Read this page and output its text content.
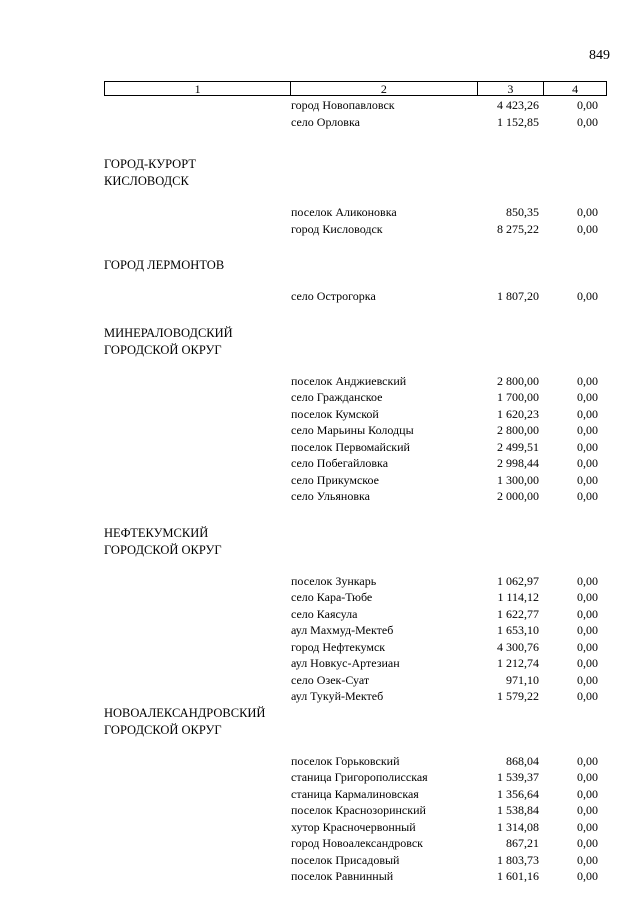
849
1	2	3	4
город Новопавловск	4 423,26	0,00
село Орловка	1 152,85	0,00
ГОРОД-КУРОРТ
КИСЛОВОДСК
поселок Аликоновка	850,35	0,00
город Кисловодск	8 275,22	0,00
ГОРОД ЛЕРМОНТОВ
село Острогорка	1 807,20	0,00
МИНЕРАЛОВОДСКИЙ
ГОРОДСКОЙ ОКРУГ
поселок Анджиевский	2 800,00	0,00
село Гражданское	1 700,00	0,00
поселок Кумской	1 620,23	0,00
село Марьины Колодцы	2 800,00	0,00
поселок Первомайский	2 499,51	0,00
село Побегайловка	2 998,44	0,00
село Прикумское	1 300,00	0,00
село Ульяновка	2 000,00	0,00
НЕФТЕКУМСКИЙ
ГОРОДСКОЙ ОКРУГ
поселок Зункарь	1 062,97	0,00
село Кара-Тюбе	1 114,12	0,00
село Каясула	1 622,77	0,00
аул Махмуд-Мектеб	1 653,10	0,00
город Нефтекумск	4 300,76	0,00
аул Новкус-Артезиан	1 212,74	0,00
село Озек-Суат	971,10	0,00
аул Тукуй-Мектеб	1 579,22	0,00
НОВОАЛЕКСАНДРОВСКИЙ
ГОРОДСКОЙ ОКРУГ
поселок Горьковский	868,04	0,00
станица Григорополисская	1 539,37	0,00
станица Кармалиновская	1 356,64	0,00
поселок Краснозоринский	1 538,84	0,00
хутор Красночервонный	1 314,08	0,00
город Новоалександровск	867,21	0,00
поселок Присадовый	1 803,73	0,00
поселок Равнинный	1 601,16	0,00
